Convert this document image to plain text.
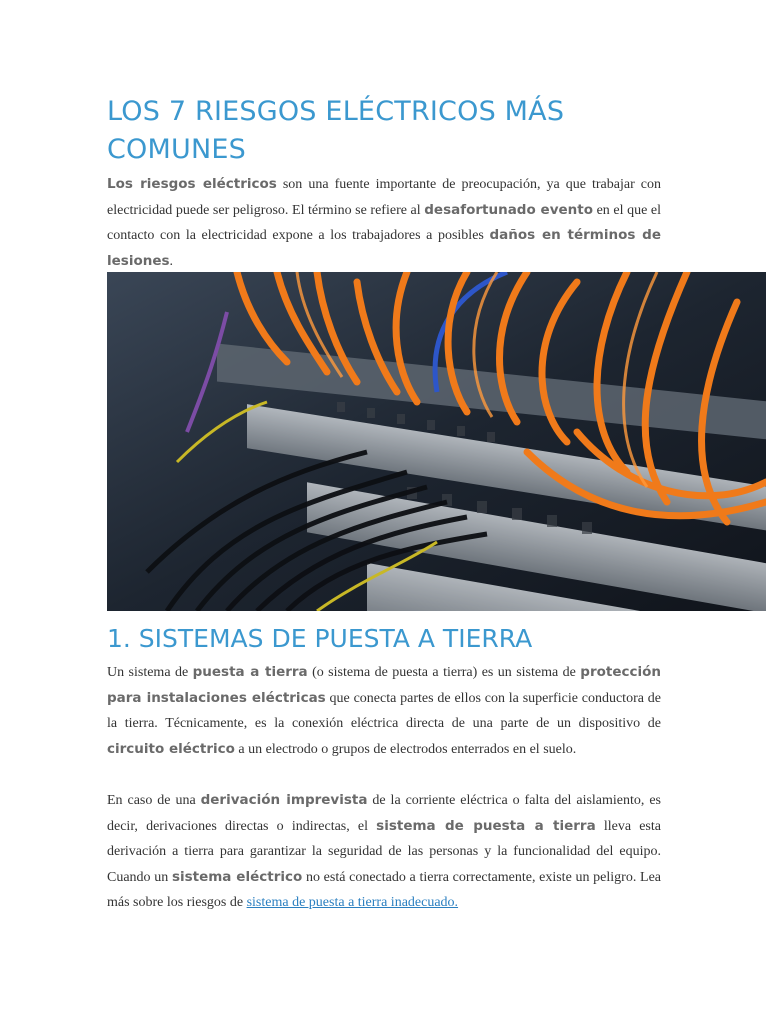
LOS 7 RIESGOS ELÉCTRICOS MÁS COMUNES

Los riesgos eléctricos son una fuente importante de preocupación, ya que trabajar con electricidad puede ser peligroso. El término se refiere al desafortunado evento en el que el contacto con la electricidad expone a los trabajadores a posibles daños en términos de lesiones.

1. SISTEMAS DE PUESTA A TIERRA

Un sistema de puesta a tierra (o sistema de puesta a tierra) es un sistema de protección para instalaciones eléctricas que conecta partes de ellos con la superficie conductora de la tierra. Técnicamente, es la conexión eléctrica directa de una parte de un dispositivo de circuito eléctrico a un electrodo o grupos de electrodos enterrados en el suelo.

En caso de una derivación imprevista de la corriente eléctrica o falta del aislamiento, es decir, derivaciones directas o indirectas, el sistema de puesta a tierra lleva esta derivación a tierra para garantizar la seguridad de las personas y la funcionalidad del equipo. Cuando un sistema eléctrico no está conectado a tierra correctamente, existe un peligro. Lea más sobre los riesgos de sistema de puesta a tierra inadecuado.
